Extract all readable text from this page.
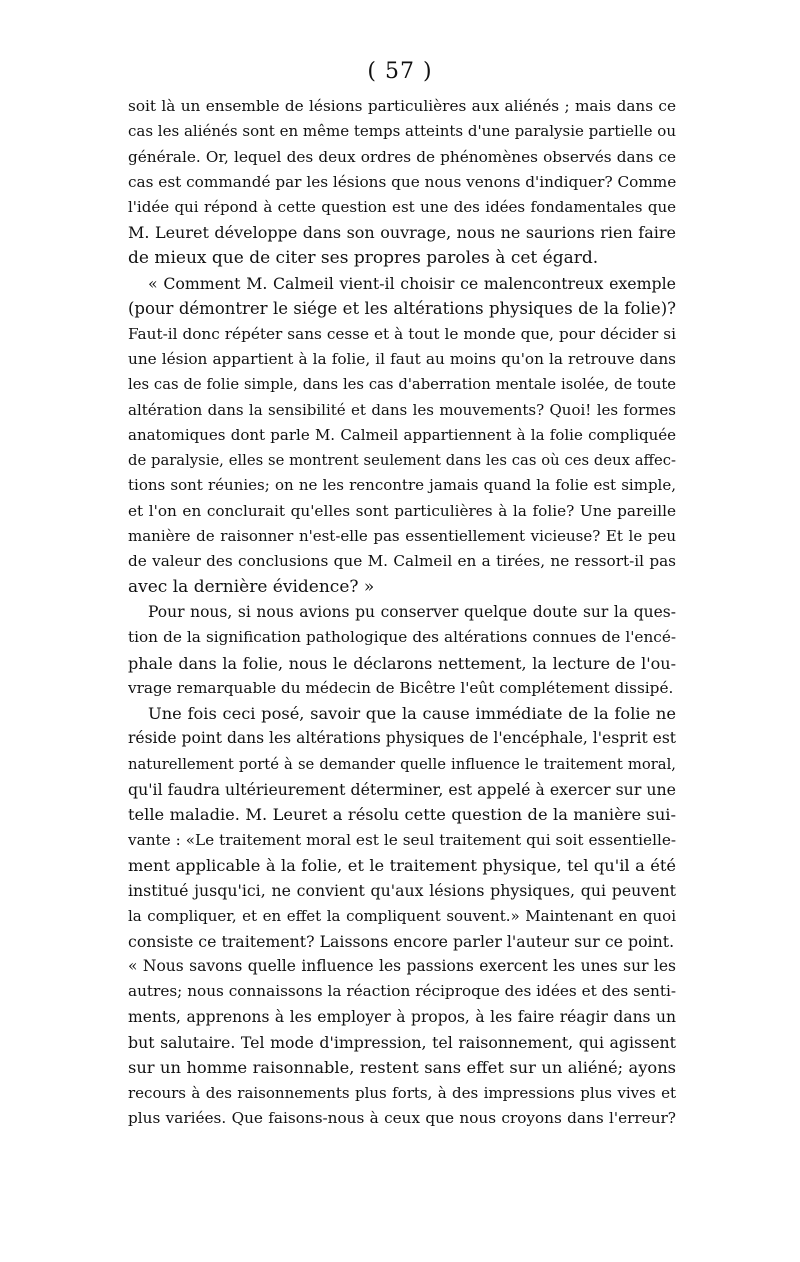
( 57 )
soit là un ensemble de lésions particulières aux aliénés ; mais dans ce
cas les aliénés sont en même temps atteints d'une paralysie partielle ou
générale. Or, lequel des deux ordres de phénomènes observés dans ce
cas est commandé par les lésions que nous venons d'indiquer? Comme
l'idée qui répond à cette question est une des idées fondamentales que
M. Leuret développe dans son ouvrage, nous ne saurions rien faire
de mieux que de citer ses propres paroles à cet égard.
« Comment M. Calmeil vient-il choisir ce malencontreux exemple
(pour démontrer le siége et les altérations physiques de la folie)?
Faut-il donc répéter sans cesse et à tout le monde que, pour décider si
une lésion appartient à la folie, il faut au moins qu'on la retrouve dans
les cas de folie simple, dans les cas d'aberration mentale isolée, de toute
altération dans la sensibilité et dans les mouvements? Quoi! les formes
anatomiques dont parle M. Calmeil appartiennent à la folie compliquée
de paralysie, elles se montrent seulement dans les cas où ces deux affec-
tions sont réunies; on ne les rencontre jamais quand la folie est simple,
et l'on en conclurait qu'elles sont particulières à la folie? Une pareille
manière de raisonner n'est-elle pas essentiellement vicieuse? Et le peu
de valeur des conclusions que M. Calmeil en a tirées, ne ressort-il pas
avec la dernière évidence? »
Pour nous, si nous avions pu conserver quelque doute sur la ques-
tion de la signification pathologique des altérations connues de l'encé-
phale dans la folie, nous le déclarons nettement, la lecture de l'ou-
vrage remarquable du médecin de Bicêtre l'eût complétement dissipé.
Une fois ceci posé, savoir que la cause immédiate de la folie ne
réside point dans les altérations physiques de l'encéphale, l'esprit est
naturellement porté à se demander quelle influence le traitement moral,
qu'il faudra ultérieurement déterminer, est appelé à exercer sur une
telle maladie. M. Leuret a résolu cette question de la manière sui-
vante : «Le traitement moral est le seul traitement qui soit essentielle-
ment applicable à la folie, et le traitement physique, tel qu'il a été
institué jusqu'ici, ne convient qu'aux lésions physiques, qui peuvent
la compliquer, et en effet la compliquent souvent.» Maintenant en quoi
consiste ce traitement? Laissons encore parler l'auteur sur ce point.
« Nous savons quelle influence les passions exercent les unes sur les
autres; nous connaissons la réaction réciproque des idées et des senti-
ments, apprenons à les employer à propos, à les faire réagir dans un
but salutaire. Tel mode d'impression, tel raisonnement, qui agissent
sur un homme raisonnable, restent sans effet sur un aliéné; ayons
recours à des raisonnements plus forts, à des impressions plus vives et
plus variées. Que faisons-nous à ceux que nous croyons dans l'erreur?
